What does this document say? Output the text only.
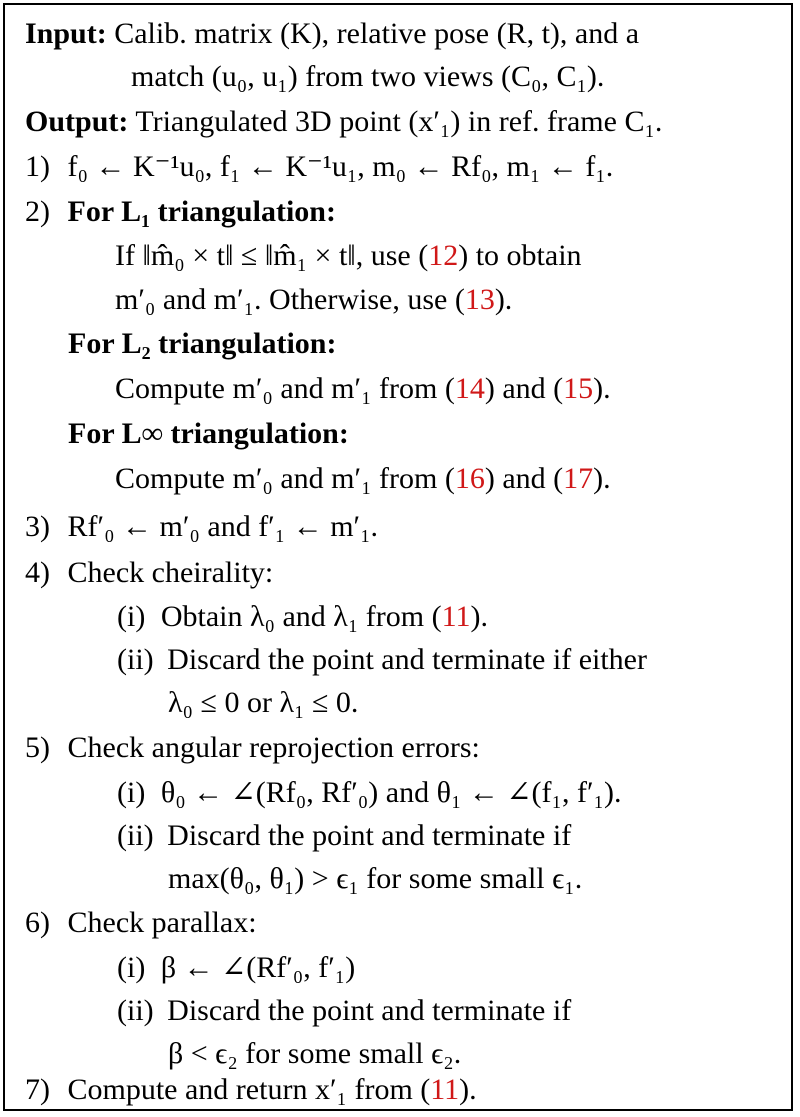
Input: Calib. matrix (K), relative pose (R, t), and a
match (u₀, u₁) from two views (C₀, C₁).
Output: Triangulated 3D point (x′₁) in ref. frame C₁.
1) f₀ ← K⁻¹u₀, f₁ ← K⁻¹u₁, m₀ ← Rf₀, m₁ ← f₁.
2) For L₁ triangulation:
If ‖m̂₀ × t‖ ≤ ‖m̂₁ × t‖, use (12) to obtain
m′₀ and m′₁. Otherwise, use (13).
For L₂ triangulation:
Compute m′₀ and m′₁ from (14) and (15).
For L∞ triangulation:
Compute m′₀ and m′₁ from (16) and (17).
3) Rf′₀ ← m′₀ and f′₁ ← m′₁.
4) Check cheirality:
(i) Obtain λ₀ and λ₁ from (11).
(ii) Discard the point and terminate if either
λ₀ ≤ 0 or λ₁ ≤ 0.
5) Check angular reprojection errors:
(i) θ₀ ← ∠(Rf₀, Rf′₀) and θ₁ ← ∠(f₁, f′₁).
(ii) Discard the point and terminate if
max(θ₀, θ₁) > ϵ₁ for some small ϵ₁.
6) Check parallax:
(i) β ← ∠(Rf′₀, f′₁)
(ii) Discard the point and terminate if
β < ϵ₂ for some small ϵ₂.
7) Compute and return x′₁ from (11).
